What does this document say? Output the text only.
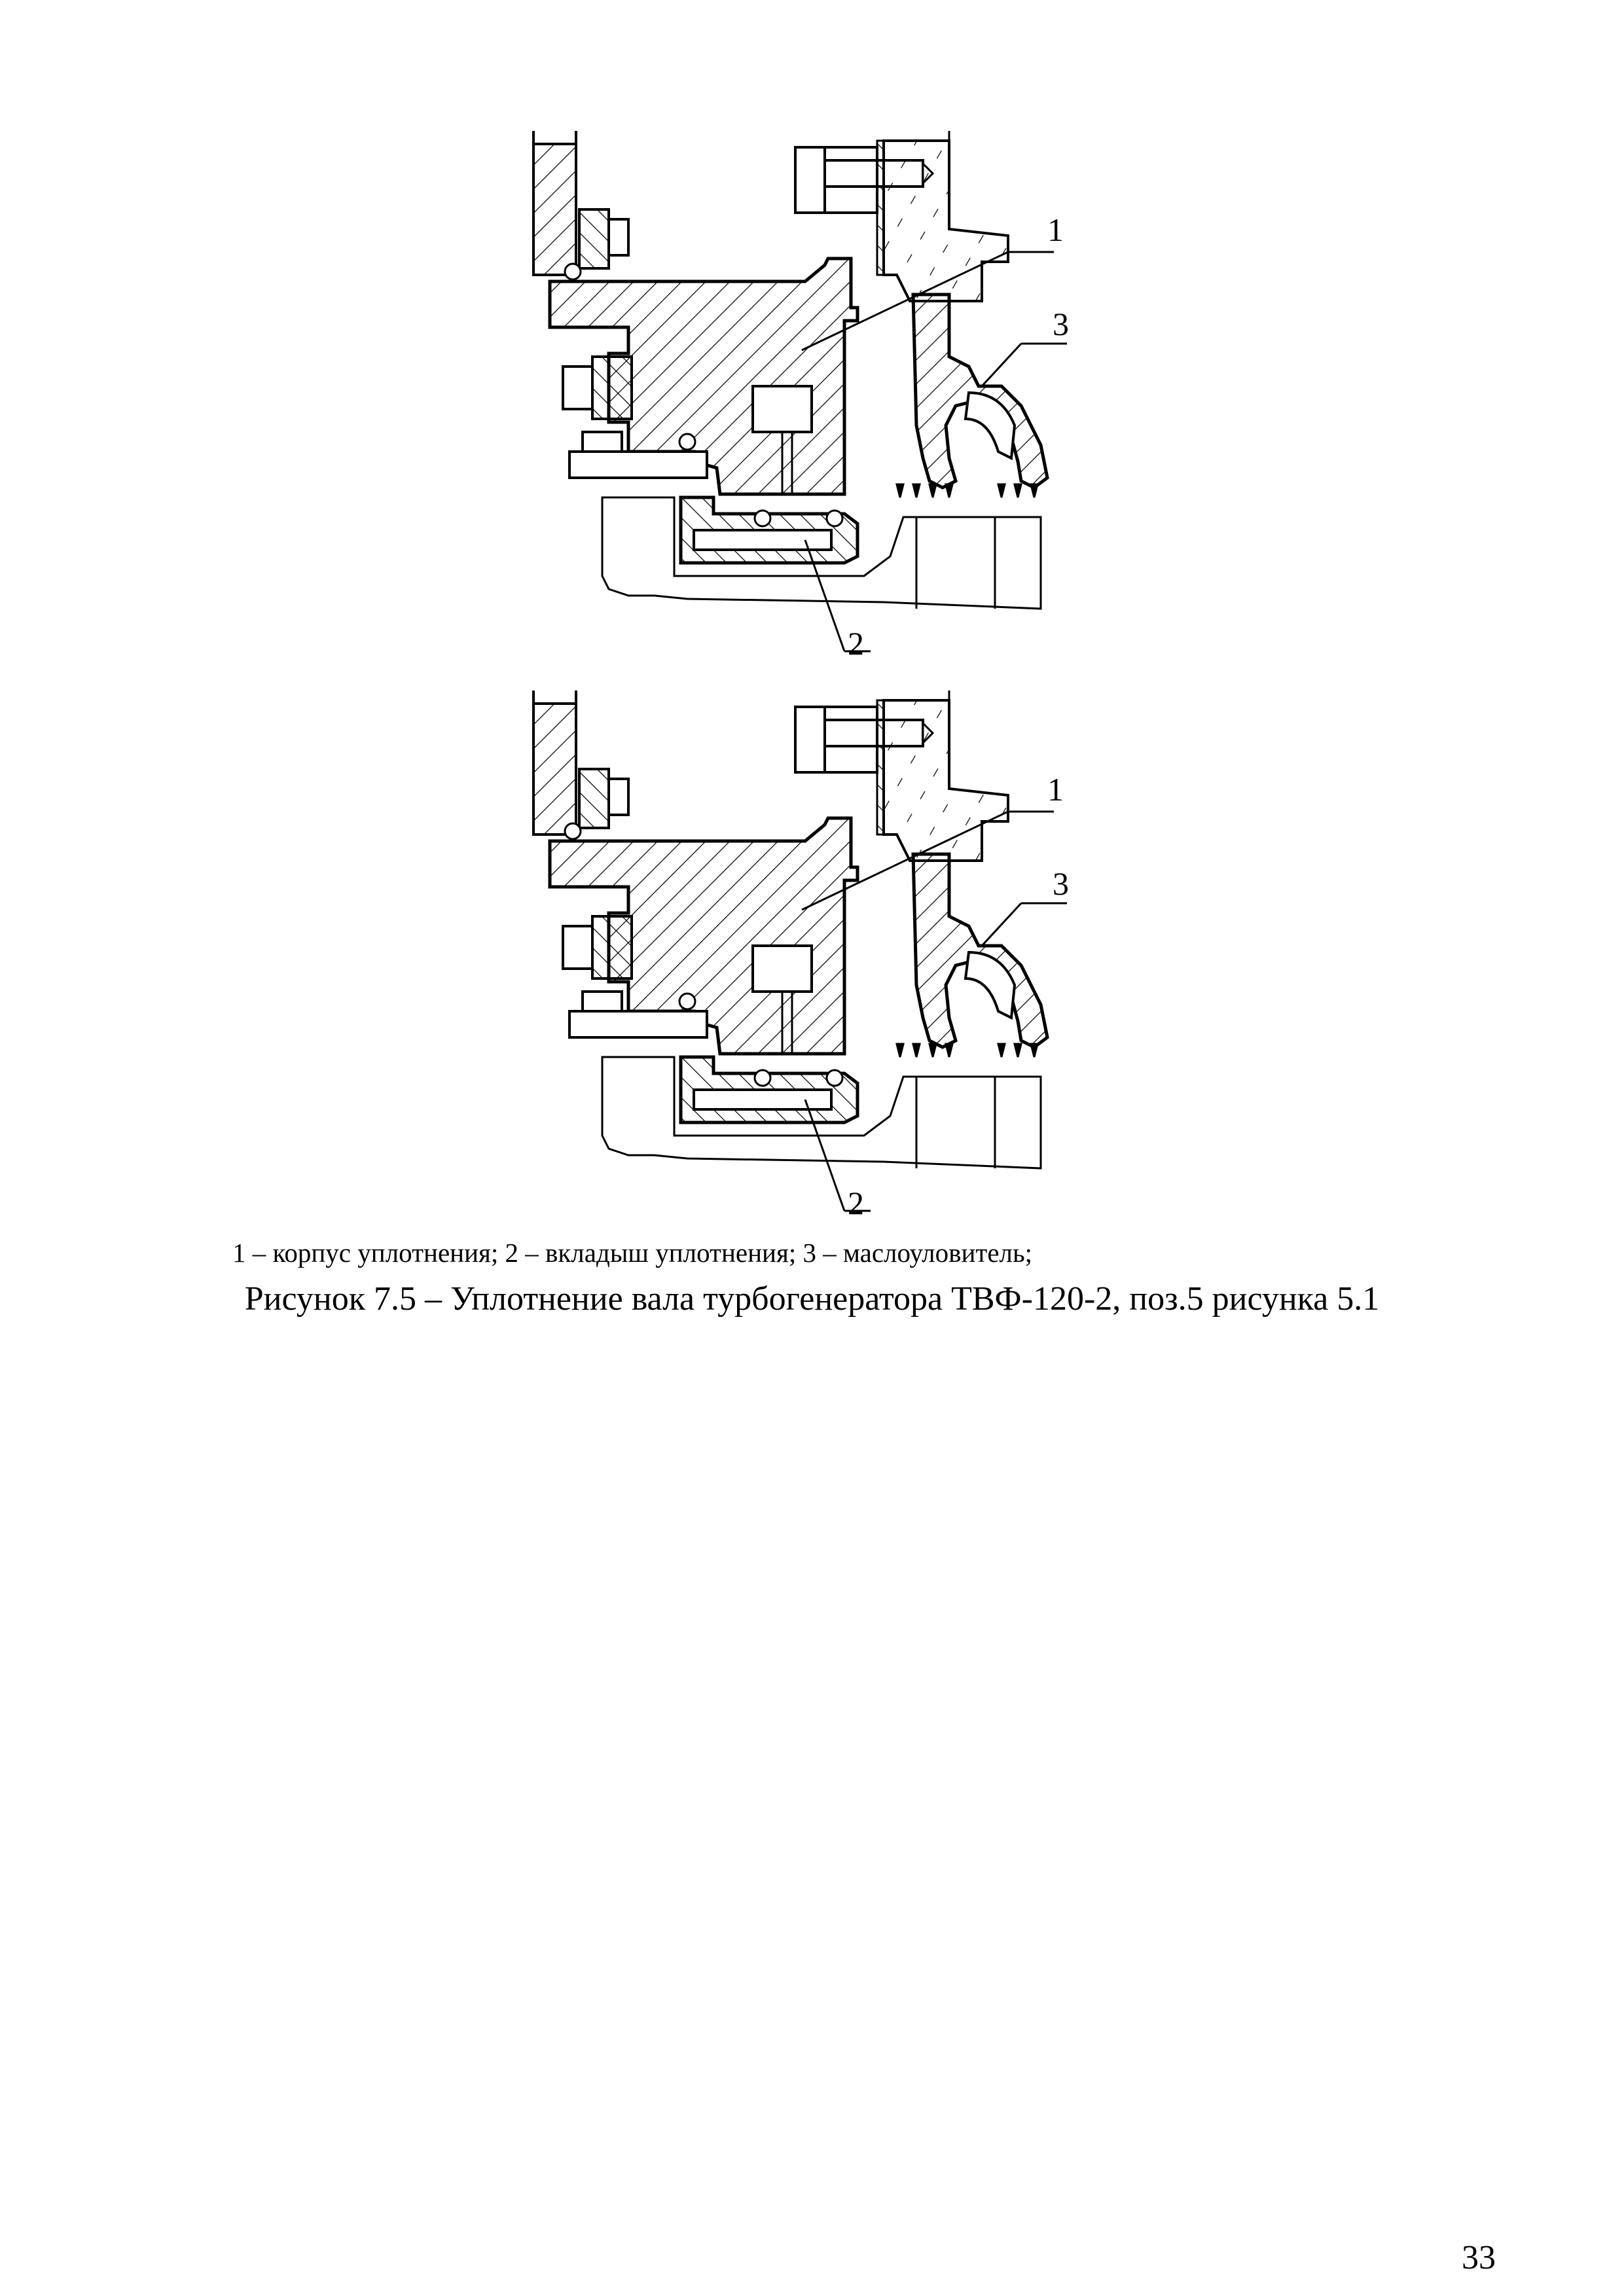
1
3
2
1
3
2
1 – корпус уплотнения; 2 – вкладыш уплотнения; 3 – маслоуловитель;
Рисунок 7.5 – Уплотнение вала турбогенератора ТВФ-120-2, поз.5 рисунка 5.1
33
